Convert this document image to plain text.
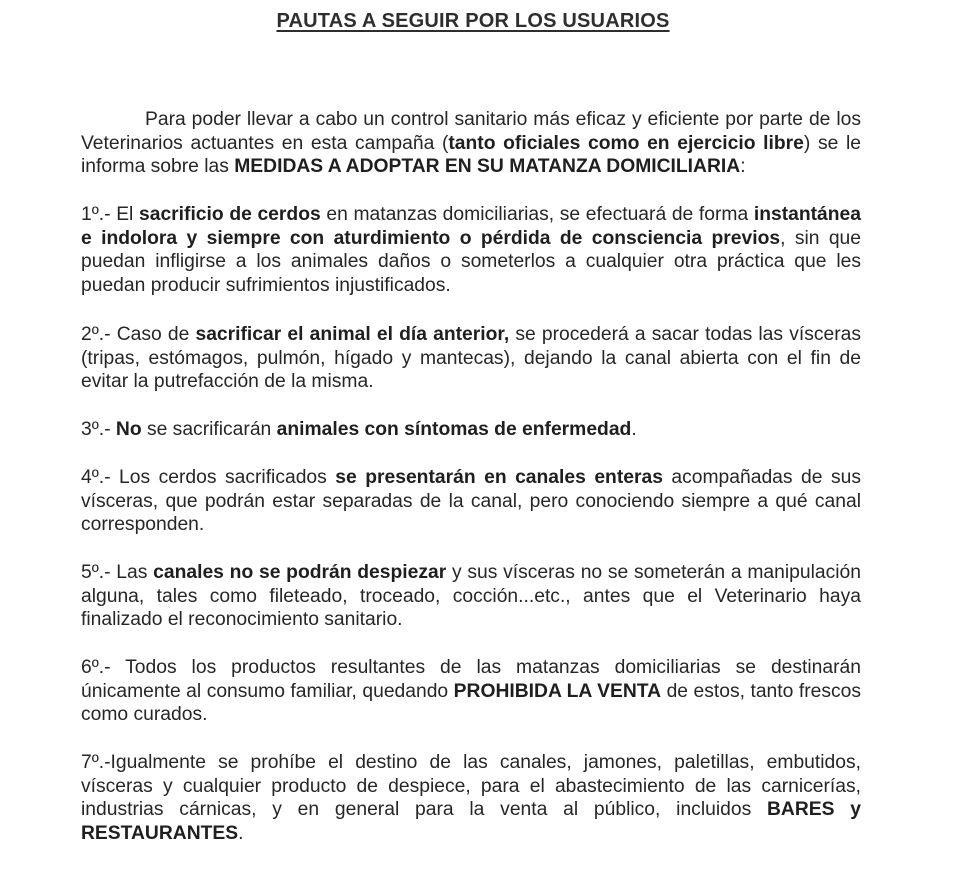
PAUTAS A SEGUIR POR LOS USUARIOS

Para poder llevar a cabo un control sanitario más eficaz y eficiente por parte de los Veterinarios actuantes en esta campaña (tanto oficiales como en ejercicio libre) se le informa sobre las MEDIDAS A ADOPTAR EN SU MATANZA DOMICILIARIA:

1º.- El sacrificio de cerdos en matanzas domiciliarias, se efectuará de forma instantánea e indolora y siempre con aturdimiento o pérdida de consciencia previos, sin que puedan infligirse a los animales daños o someterlos a cualquier otra práctica que les puedan producir sufrimientos injustificados.

2º.- Caso de sacrificar el animal el día anterior, se procederá a sacar todas las vísceras (tripas, estómagos, pulmón, hígado y mantecas), dejando la canal abierta con el fin de evitar la putrefacción de la misma.

3º.- No se sacrificarán animales con síntomas de enfermedad.

4º.- Los cerdos sacrificados se presentarán en canales enteras acompañadas de sus vísceras, que podrán estar separadas de la canal, pero conociendo siempre a qué canal corresponden.

5º.- Las canales no se podrán despiezar y sus vísceras no se someterán a manipulación alguna, tales como fileteado, troceado, cocción...etc., antes que el Veterinario haya finalizado el reconocimiento sanitario.

6º.- Todos los productos resultantes de las matanzas domiciliarias se destinarán únicamente al consumo familiar, quedando PROHIBIDA LA VENTA de estos, tanto frescos como curados.

7º.-Igualmente se prohíbe el destino de las canales, jamones, paletillas, embutidos, vísceras y cualquier producto de despiece, para el abastecimiento de las carnicerías, industrias cárnicas, y en general para la venta al público, incluidos BARES y RESTAURANTES.
